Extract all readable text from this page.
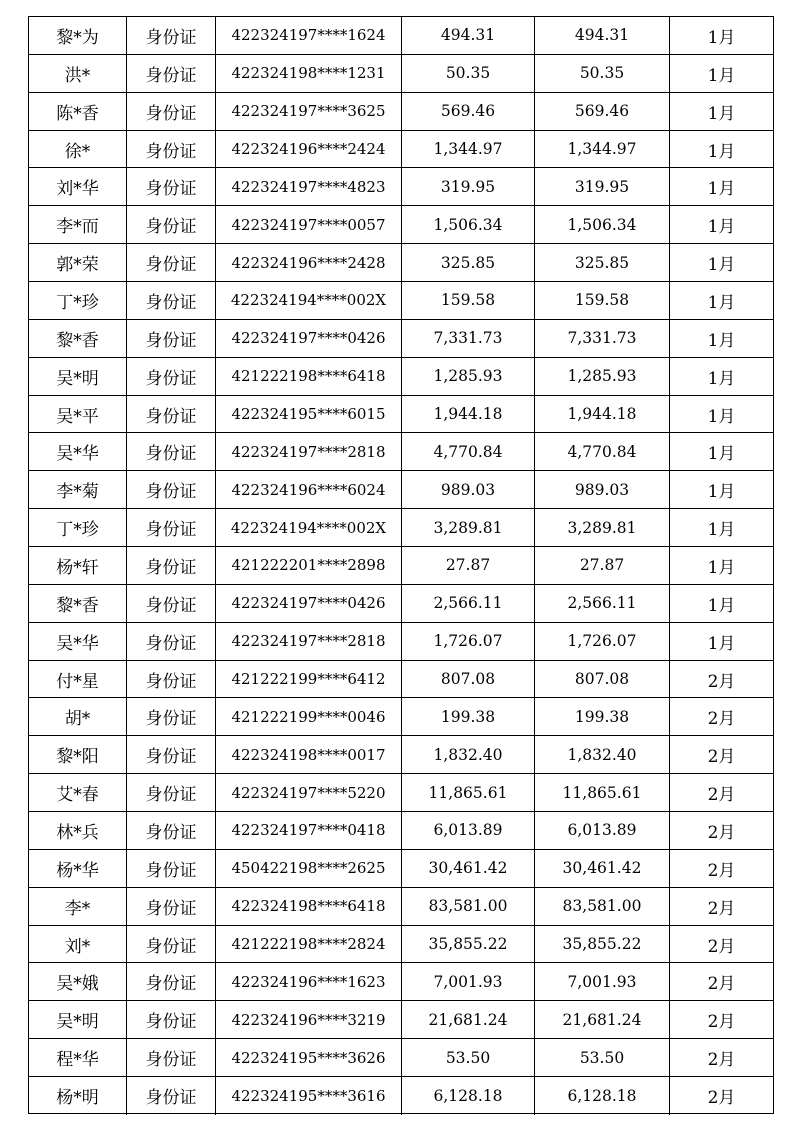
黎*为	身份证	422324197****1624	494.31	494.31	1月
洪*	身份证	422324198****1231	50.35	50.35	1月
陈*香	身份证	422324197****3625	569.46	569.46	1月
徐*	身份证	422324196****2424	1,344.97	1,344.97	1月
刘*华	身份证	422324197****4823	319.95	319.95	1月
李*而	身份证	422324197****0057	1,506.34	1,506.34	1月
郭*荣	身份证	422324196****2428	325.85	325.85	1月
丁*珍	身份证	422324194****002X	159.58	159.58	1月
黎*香	身份证	422324197****0426	7,331.73	7,331.73	1月
吴*明	身份证	421222198****6418	1,285.93	1,285.93	1月
吴*平	身份证	422324195****6015	1,944.18	1,944.18	1月
吴*华	身份证	422324197****2818	4,770.84	4,770.84	1月
李*菊	身份证	422324196****6024	989.03	989.03	1月
丁*珍	身份证	422324194****002X	3,289.81	3,289.81	1月
杨*轩	身份证	421222201****2898	27.87	27.87	1月
黎*香	身份证	422324197****0426	2,566.11	2,566.11	1月
吴*华	身份证	422324197****2818	1,726.07	1,726.07	1月
付*星	身份证	421222199****6412	807.08	807.08	2月
胡*	身份证	421222199****0046	199.38	199.38	2月
黎*阳	身份证	422324198****0017	1,832.40	1,832.40	2月
艾*春	身份证	422324197****5220	11,865.61	11,865.61	2月
林*兵	身份证	422324197****0418	6,013.89	6,013.89	2月
杨*华	身份证	450422198****2625	30,461.42	30,461.42	2月
李*	身份证	422324198****6418	83,581.00	83,581.00	2月
刘*	身份证	421222198****2824	35,855.22	35,855.22	2月
吴*娥	身份证	422324196****1623	7,001.93	7,001.93	2月
吴*明	身份证	422324196****3219	21,681.24	21,681.24	2月
程*华	身份证	422324195****3626	53.50	53.50	2月
杨*明	身份证	422324195****3616	6,128.18	6,128.18	2月
